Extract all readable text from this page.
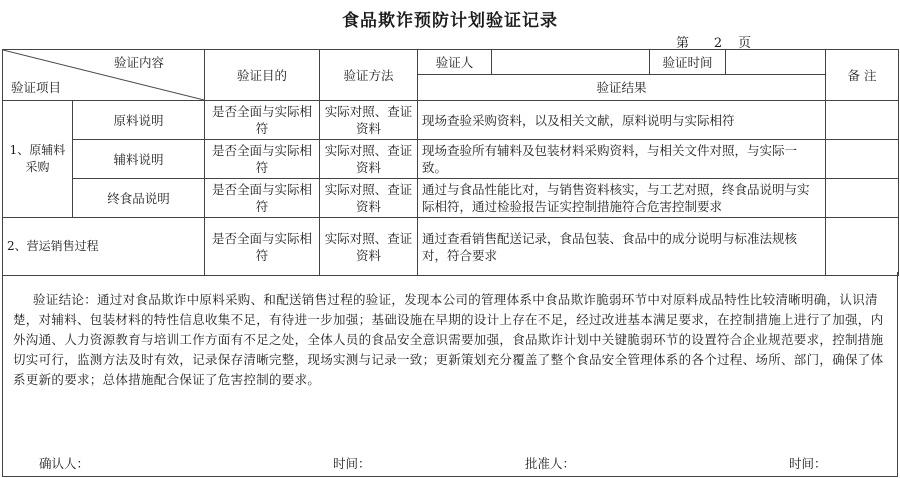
食品欺诈预防计划验证记录
第 2 页
验证内容
验证项目		验证目的	验证方法	验证人		验证时间		备 注
				验证结果				
1、原辅料采购	原料说明	是否全面与实际相符	实际对照、查证资料	现场查验采购资料，以及相关文献，原料说明与实际相符				
	辅料说明	是否全面与实际相符	实际对照、查证资料	现场查验所有辅料及包装材料采购资料，与相关文件对照，与实际一致。				
	终食品说明	是否全面与实际相符	实际对照、查证资料	通过与食品性能比对，与销售资料核实，与工艺对照，终食品说明与实际相符，通过检验报告证实控制措施符合危害控制要求				
2、营运销售过程		是否全面与实际相符	实际对照、查证资料	通过查看销售配送记录，食品包装、食品中的成分说明与标准法规核对，符合要求				
验证结论：通过对食品欺诈中原料采购、和配送销售过程的验证，发现本公司的管理体系中食品欺诈脆弱环节中对原料成品特性比较清晰明确，认识清楚，对辅料、包装材料的特性信息收集不足，有待进一步加强；基础设施在早期的设计上存在不足，经过改进基本满足要求，在控制措施上进行了加强，内外沟通、人力资源教育与培训工作方面有不足之处，全体人员的食品安全意识需要加强，食品欺诈计划中关键脆弱环节的设置符合企业规范要求，控制措施切实可行，监测方法及时有效，记录保存清晰完整，现场实测与记录一致；更新策划充分覆盖了整个食品安全管理体系的各个过程、场所、部门，确保了体系更新的要求；总体措施配合保证了危害控制的要求。
确认人：	时间：	批准人：	时间：
